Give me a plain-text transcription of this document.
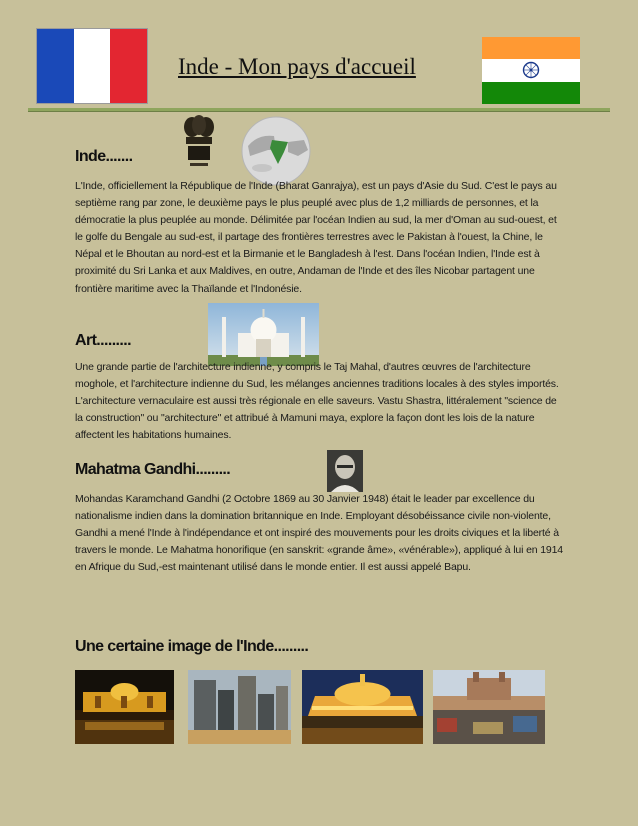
Inde - Mon pays d'accueil
Inde.......

L'Inde, officiellement la République de l'Inde (Bharat Ganrajya), est un pays d'Asie du Sud. C'est le pays au septième rang par zone, le deuxième pays le plus peuplé avec plus de 1,2 milliards de personnes, et la démocratie la plus peuplée au monde. Délimitée par l'océan Indien au sud, la mer d'Oman au sud-ouest, et le golfe du Bengale au sud-est, il partage des frontières terrestres avec le Pakistan à l'ouest, la Chine, le Népal et le Bhoutan au nord-est et la Birmanie et le Bangladesh à l'est. Dans l'océan Indien, l'Inde est à proximité du Sri Lanka et aux Maldives, en outre, Andaman de l'Inde et des îles Nicobar partagent une frontière maritime avec la Thaïlande et l'Indonésie.

Art.........

Une grande partie de l'architecture indienne, y compris le Taj Mahal, d'autres œuvres de l'architecture moghole, et l'architecture indienne du Sud, les mélanges anciennes traditions locales à des styles importés. L'architecture vernaculaire est aussi très régionale en elle saveurs. Vastu Shastra, littéralement "science de la construction" ou "architecture" et attribué à Mamuni maya, explore la façon dont les lois de la nature affectent les habitations humaines.

Mahatma Gandhi.........

Mohandas Karamchand Gandhi (2 Octobre 1869 au 30 Janvier 1948) était le leader par excellence du nationalisme indien dans la domination britannique en Inde. Employant désobéissance civile non-violente, Gandhi a mené l'Inde à l'indépendance et ont inspiré des mouvements pour les droits civiques et la liberté à travers le monde. Le Mahatma honorifique (en sanskrit: «grande âme», «vénérable»), appliqué à lui en 1914 en Afrique du Sud,-est maintenant utilisé dans le monde entier. Il est aussi appelé Bapu.

Une certaine image de l'Inde.........
